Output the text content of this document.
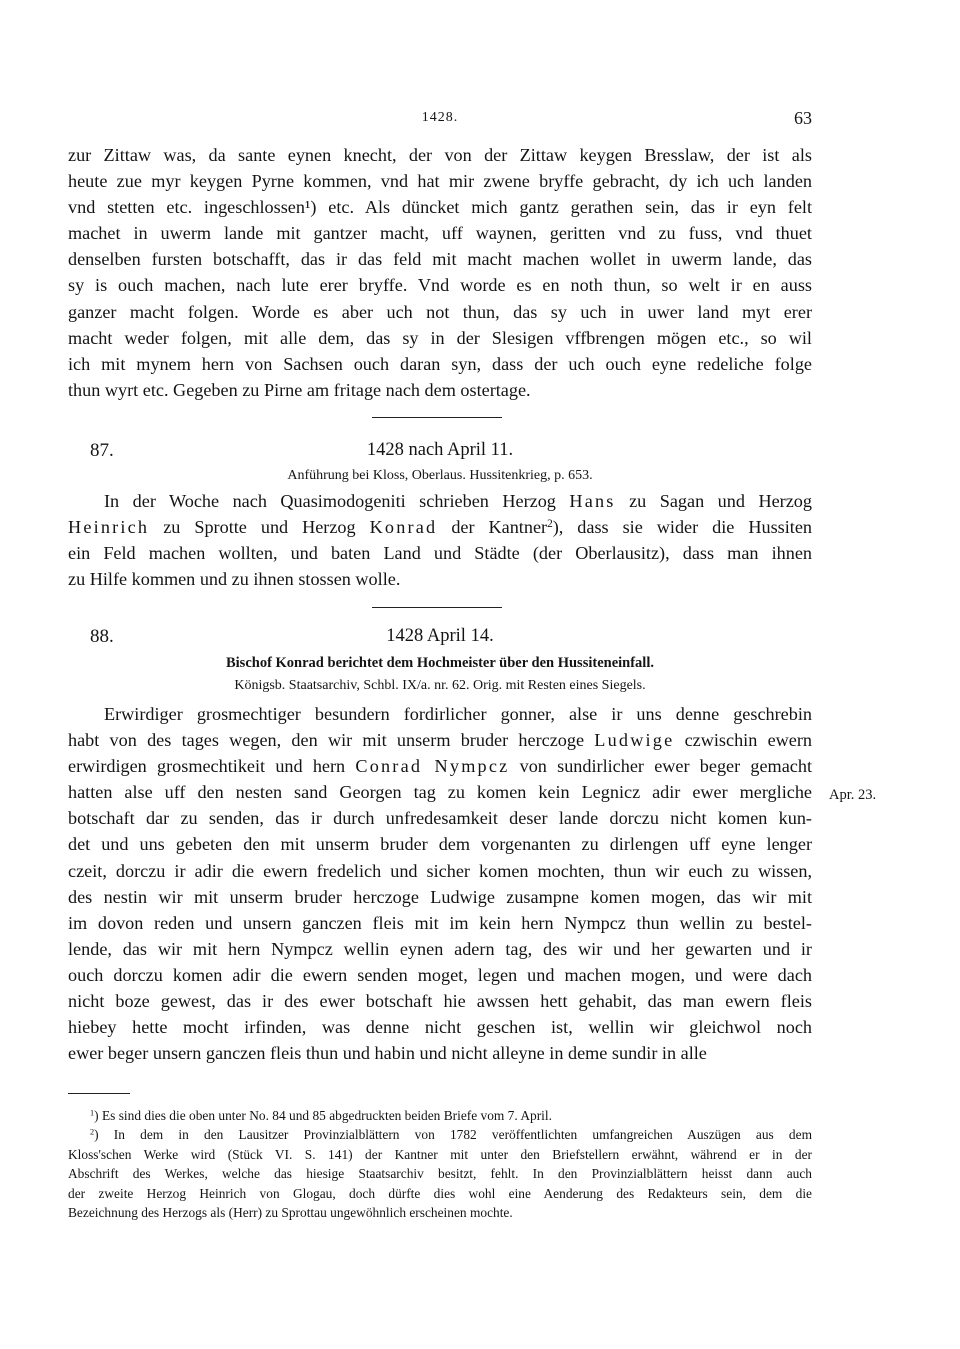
1428.	63
zur Zittaw was, da sante eynen knecht, der von der Zittaw keygen Bresslaw, der ist als
heute zue myr keygen Pyrne kommen, vnd hat mir zwene bryffe gebracht, dy ich uch landen
vnd stetten etc. ingeschlossen¹) etc. Als düncket mich gantz gerathen sein, das ir eyn felt
machet in uwerm lande mit gantzer macht, uff waynen, geritten vnd zu fuss, vnd thuet
denselben fursten botschafft, das ir das feld mit macht machen wollet in uwerm lande, das
sy is ouch machen, nach lute erer bryffe. Vnd worde es en noth thun, so welt ir en auss
ganzer macht folgen. Worde es aber uch not thun, das sy uch in uwer land myt erer
macht weder folgen, mit alle dem, das sy in der Slesigen vffbrengen mögen etc., so wil
ich mit mynem hern von Sachsen ouch daran syn, dass der uch ouch eyne redeliche folge
thun wyrt etc. Gegeben zu Pirne am fritage nach dem ostertage.
87.	1428 nach April 11.
Anführung bei Kloss, Oberlaus. Hussitenkrieg, p. 653.
In der Woche nach Quasimodogeniti schrieben Herzog Hans zu Sagan und Herzog
Heinrich zu Sprotte und Herzog Konrad der Kantner$^2$), dass sie wider die Hussiten
ein Feld machen wollten, und baten Land und Städte (der Oberlausitz), dass man ihnen
zu Hilfe kommen und zu ihnen stossen wolle.
88.	1428 April 14.
Bischof Konrad berichtet dem Hochmeister über den Hussiteneinfall.
Königsb. Staatsarchiv, Schbl. IX/a. nr. 62. Orig. mit Resten eines Siegels.
Erwirdiger grosmechtiger besundern fordirlicher gonner, alse ir uns denne geschrebin
habt von des tages wegen, den wir mit unserm bruder herczoge Ludwige czwischin ewern
erwirdigen grosmechtikeit und hern Conrad Nympcz von sundirlicher ewer beger gemacht
hatten alse uff den nesten sand Georgen tag zu komen kein Legnicz adir ewer mergliche
botschaft dar zu senden, das ir durch unfredesamkeit deser lande dorczu nicht komen kun-
det und uns gebeten den mit unserm bruder dem vorgenanten zu dirlengen uff eyne lenger
czeit, dorczu ir adir die ewern fredelich und sicher komen mochten, thun wir euch zu wissen,
des nestin wir mit unserm bruder herczoge Ludwige zusampne komen mogen, das wir mit
im dovon reden und unsern ganczen fleis mit im kein hern Nympcz thun wellin zu bestel-
lende, das wir mit hern Nympcz wellin eynen adern tag, des wir und her gewarten und ir
ouch dorczu komen adir die ewern senden moget, legen und machen mogen, und were dach
nicht boze gewest, das ir des ewer botschaft hie awssen hett gehabit, das man ewern fleis
hiebey hette mocht irfinden, was denne nicht geschen ist, wellin wir gleichwol noch
ewer beger unsern ganczen fleis thun und habin und nicht alleyne in deme sundir in alle
Apr. 23.
$^1$) Es sind dies die oben unter No. 84 und 85 abgedruckten beiden Briefe vom 7. April.
$^2$) In dem in den Lausitzer Provinzialblättern von 1782 veröffentlichten umfangreichen Auszügen aus dem
Kloss'schen Werke wird (Stück VI. S. 141) der Kantner mit unter den Briefstellern erwähnt, während er in der
Abschrift des Werkes, welche das hiesige Staatsarchiv besitzt, fehlt. In den Provinzialblättern heisst dann auch
der zweite Herzog Heinrich von Glogau, doch dürfte dies wohl eine Aenderung des Redakteurs sein, dem die
Bezeichnung des Herzogs als (Herr) zu Sprottau ungewöhnlich erscheinen mochte.
